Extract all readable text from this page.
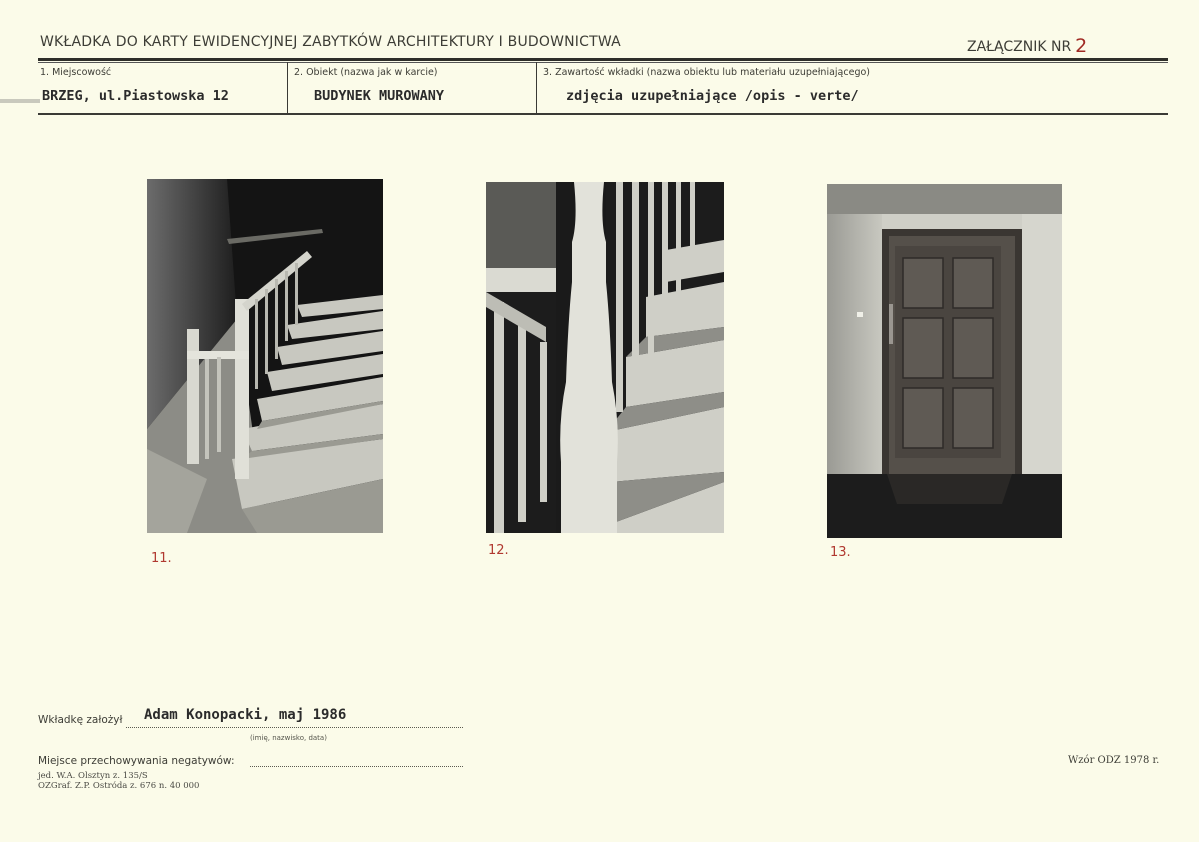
WKŁADKA DO KARTY EWIDENCYJNEJ ZABYTKÓW ARCHITEKTURY I BUDOWNICTWA	ZAŁĄCZNIK NR 2
1. Miejscowość
BRZEG, ul.Piastowska 12
2. Obiekt (nazwa jak w karcie)
BUDYNEK MUROWANY
3. Zawartość wkładki (nazwa obiektu lub materiału uzupełniającego)
zdjęcia uzupełniające /opis - verte/
11.
12.	13.
Wkładkę założył Adam Konopacki, maj 1986
(imię, nazwisko, data)
Miejsce przechowywania negatywów:
jed. W.A. Olsztyn z. 135/S
OZGraf. Z.P. Ostróda z. 676 n. 40 000
Wzór ODZ 1978 r.
